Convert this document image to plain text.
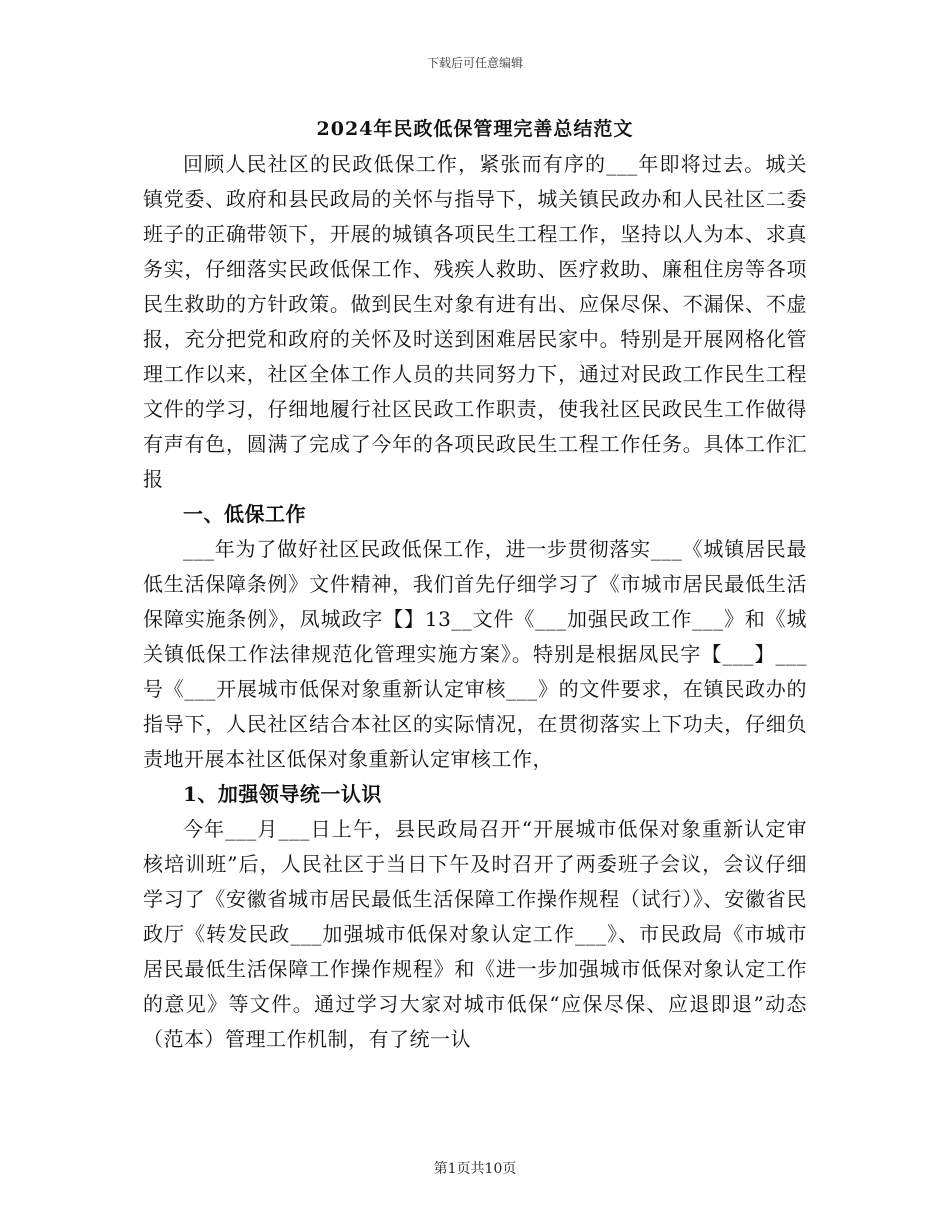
下载后可任意编辑
2024年民政低保管理完善总结范文

回顾人民社区的民政低保工作，紧张而有序的___年即将过去。城关镇党委、政府和县民政局的关怀与指导下，城关镇民政办和人民社区二委班子的正确带领下，开展的城镇各项民生工程工作，坚持以人为本、求真务实，仔细落实民政低保工作、残疾人救助、医疗救助、廉租住房等各项民生救助的方针政策。做到民生对象有进有出、应保尽保、不漏保、不虚报，充分把党和政府的关怀及时送到困难居民家中。特别是开展网格化管理工作以来，社区全体工作人员的共同努力下，通过对民政工作民生工程文件的学习，仔细地履行社区民政工作职责，使我社区民政民生工作做得有声有色，圆满了完成了今年的各项民政民生工程工作任务。具体工作汇报

一、低保工作

___年为了做好社区民政低保工作，进一步贯彻落实___《城镇居民最低生活保障条例》文件精神，我们首先仔细学习了《市城市居民最低生活保障实施条例》，凤城政字【】13__文件《___加强民政工作___》和《城关镇低保工作法律规范化管理实施方案》。特别是根据凤民字【___】___号《___开展城市低保对象重新认定审核___》的文件要求，在镇民政办的指导下，人民社区结合本社区的实际情况，在贯彻落实上下功夫，仔细负责地开展本社区低保对象重新认定审核工作，

1、加强领导统一认识

今年___月___日上午，县民政局召开“开展城市低保对象重新认定审核培训班”后，人民社区于当日下午及时召开了两委班子会议，会议仔细学习了《安徽省城市居民最低生活保障工作操作规程（试行）》、安徽省民政厅《转发民政___加强城市低保对象认定工作___》、市民政局《市城市居民最低生活保障工作操作规程》和《进一步加强城市低保对象认定工作的意见》等文件。通过学习大家对城市低保“应保尽保、应退即退”动态（范本）管理工作机制，有了统一认

第1页共10页
